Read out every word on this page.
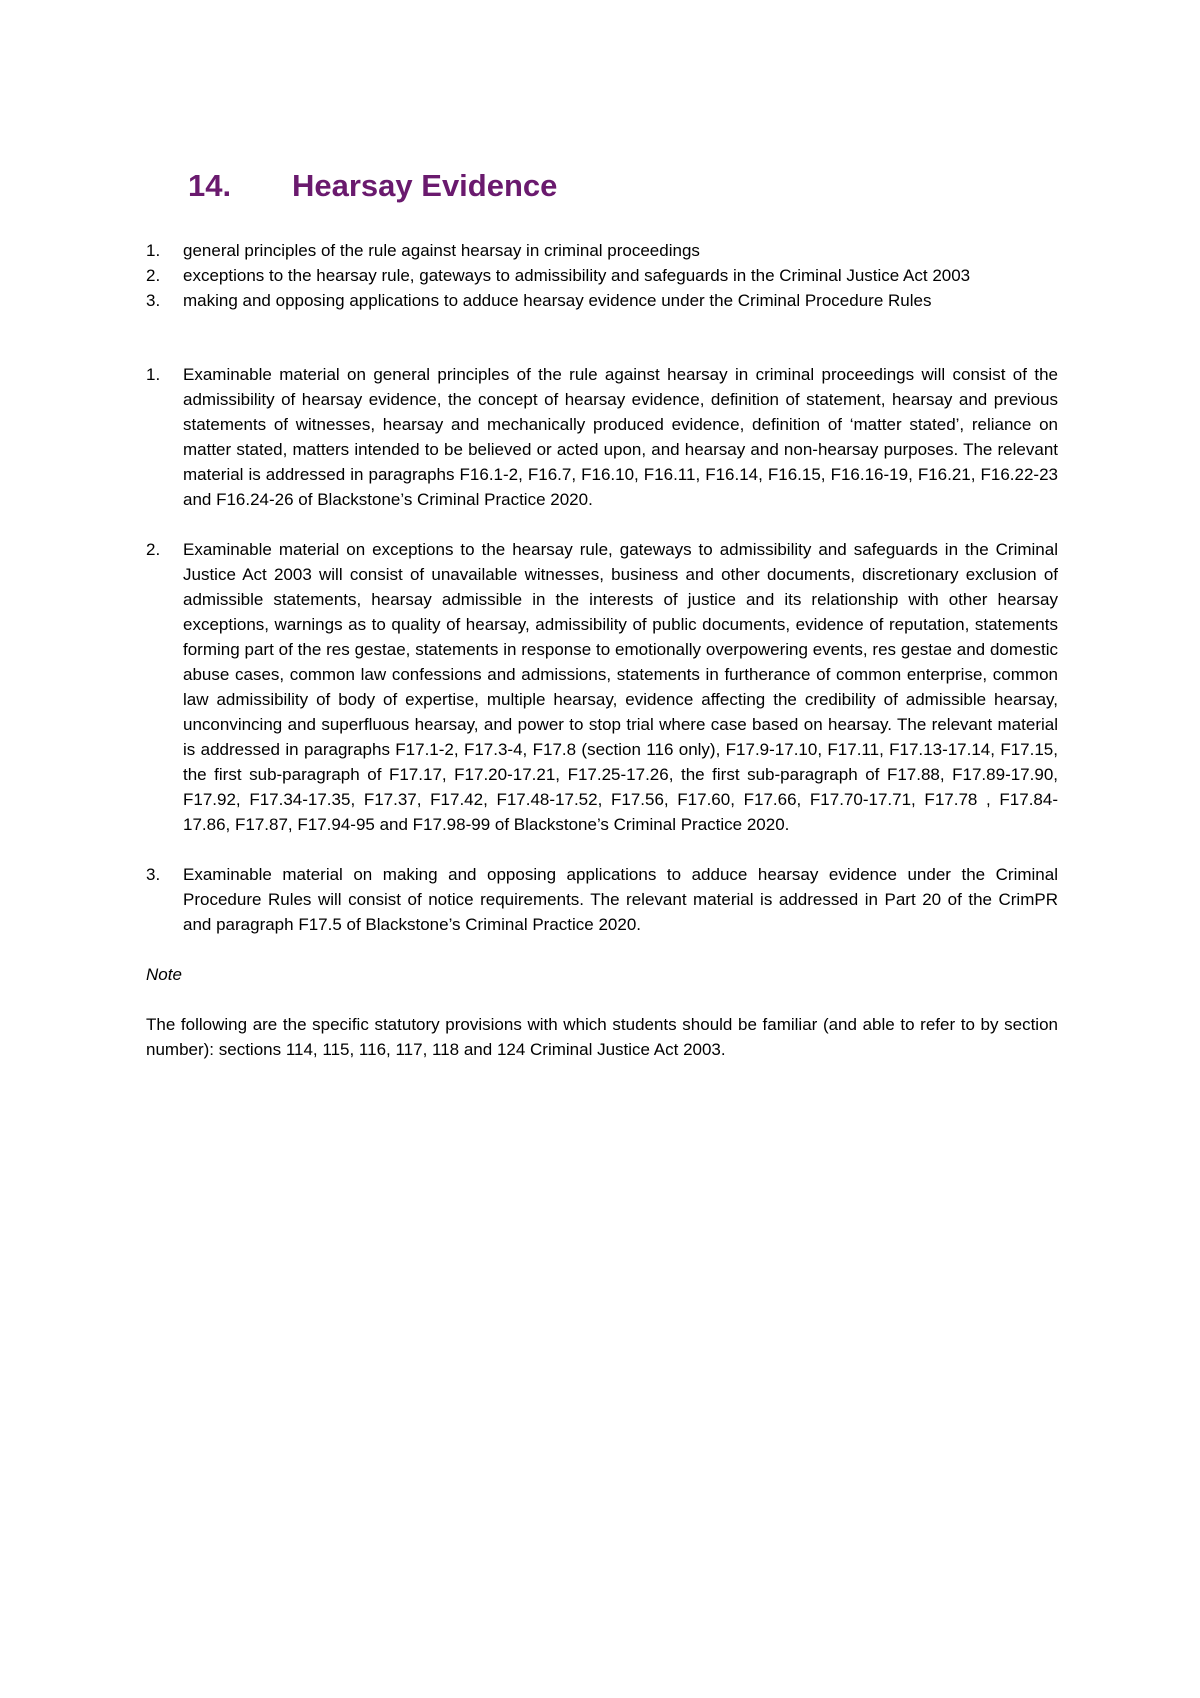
14. Hearsay Evidence
1.	general principles of the rule against hearsay in criminal proceedings
2.	exceptions to the hearsay rule, gateways to admissibility and safeguards in the Criminal Justice Act 2003
3.	making and opposing applications to adduce hearsay evidence under the Criminal Procedure Rules
1.	Examinable material on general principles of the rule against hearsay in criminal proceedings will consist of the admissibility of hearsay evidence, the concept of hearsay evidence, definition of statement, hearsay and previous statements of witnesses, hearsay and mechanically produced evidence, definition of ‘matter stated’, reliance on matter stated, matters intended to be believed or acted upon, and hearsay and non-hearsay purposes. The relevant material is addressed in paragraphs F16.1-2, F16.7, F16.10, F16.11, F16.14, F16.15, F16.16-19, F16.21, F16.22-23 and F16.24-26 of Blackstone’s Criminal Practice 2020.
2.	Examinable material on exceptions to the hearsay rule, gateways to admissibility and safeguards in the Criminal Justice Act 2003 will consist of unavailable witnesses, business and other documents, discretionary exclusion of admissible statements, hearsay admissible in the interests of justice and its relationship with other hearsay exceptions, warnings as to quality of hearsay, admissibility of public documents, evidence of reputation, statements forming part of the res gestae, statements in response to emotionally overpowering events, res gestae and domestic abuse cases, common law confessions and admissions, statements in furtherance of common enterprise, common law admissibility of body of expertise, multiple hearsay, evidence affecting the credibility of admissible hearsay, unconvincing and superfluous hearsay, and power to stop trial where case based on hearsay. The relevant material is addressed in paragraphs F17.1-2, F17.3-4, F17.8 (section 116 only), F17.9-17.10, F17.11, F17.13-17.14, F17.15, the first sub-paragraph of F17.17, F17.20-17.21, F17.25-17.26, the first sub-paragraph of F17.88, F17.89-17.90, F17.92, F17.34-17.35, F17.37, F17.42, F17.48-17.52, F17.56, F17.60, F17.66, F17.70-17.71, F17.78 , F17.84-17.86, F17.87, F17.94-95 and F17.98-99 of Blackstone’s Criminal Practice 2020.
3.	Examinable material on making and opposing applications to adduce hearsay evidence under the Criminal Procedure Rules will consist of notice requirements. The relevant material is addressed in Part 20 of the CrimPR and paragraph F17.5 of Blackstone’s Criminal Practice 2020.
Note
The following are the specific statutory provisions with which students should be familiar (and able to refer to by section number): sections 114, 115, 116, 117, 118 and 124 Criminal Justice Act 2003.
